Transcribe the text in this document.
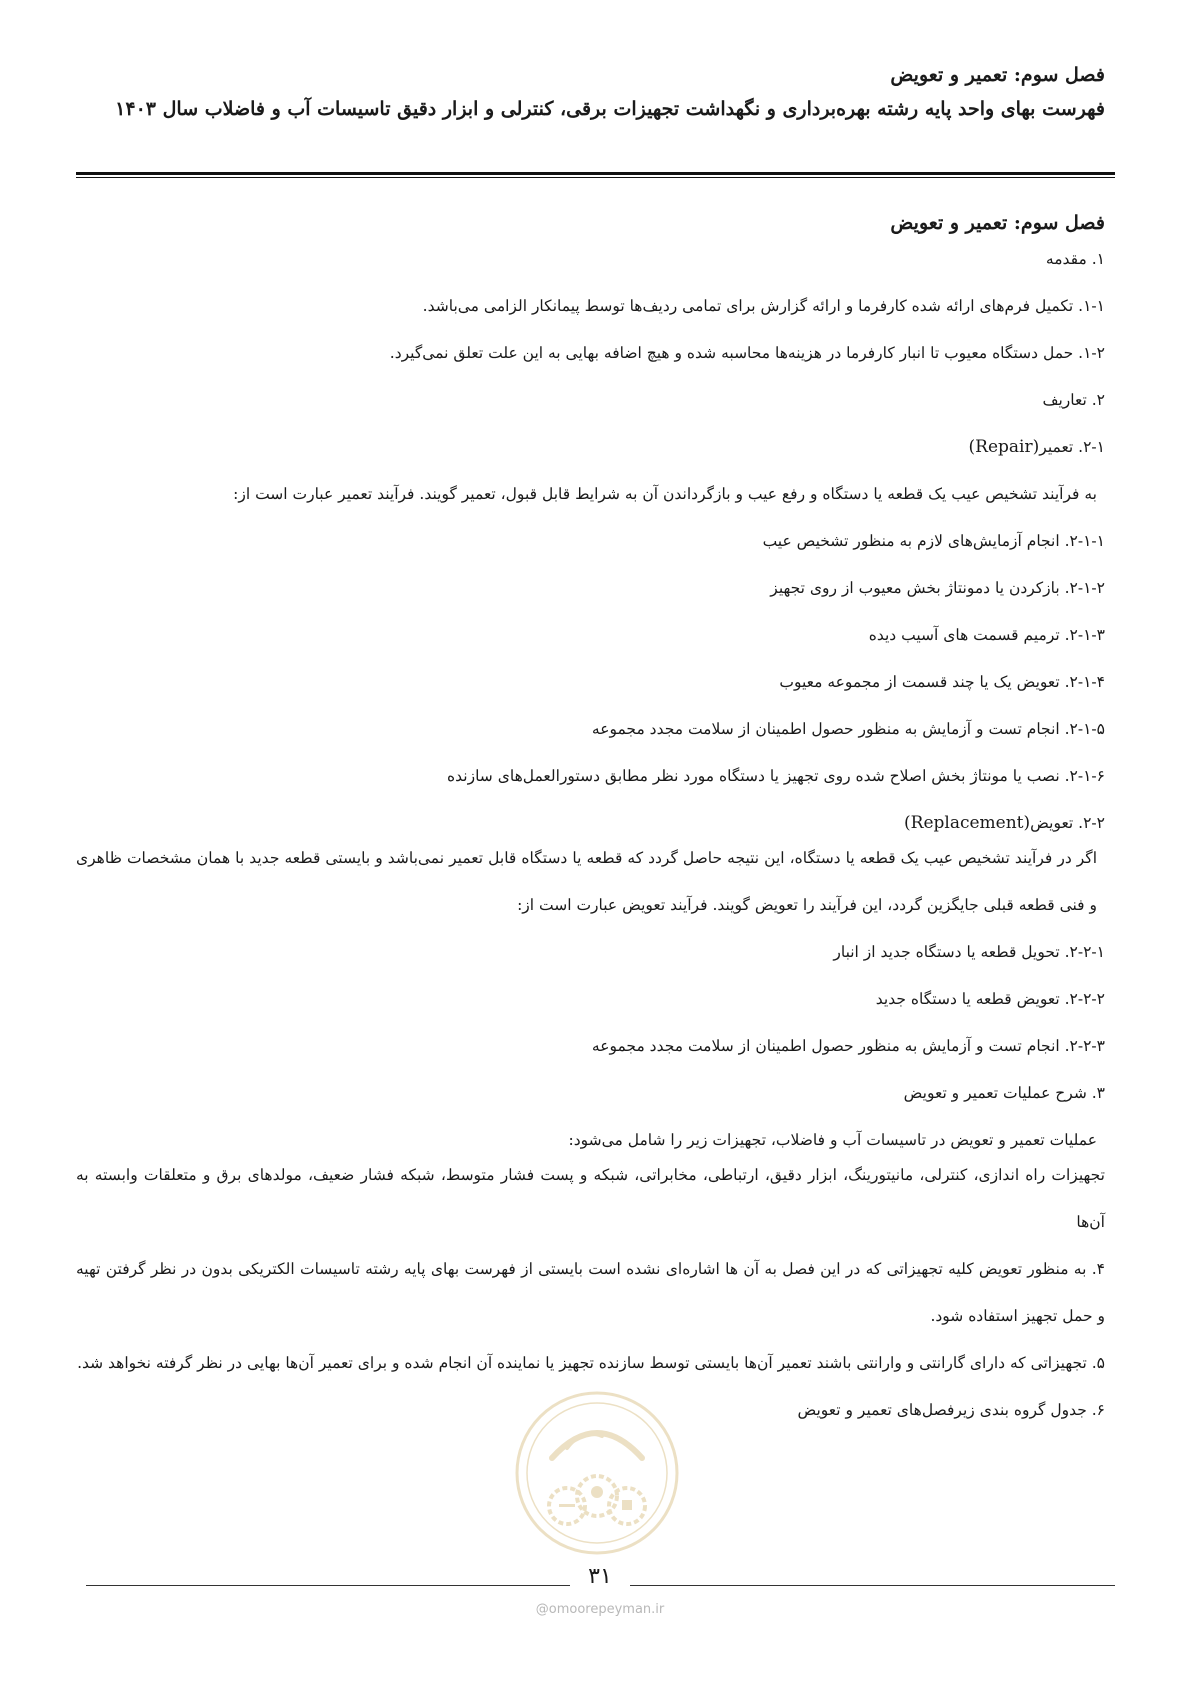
فصل سوم: تعمیر و تعویض
فهرست بهای واحد پایه رشته بهره‌برداری و نگهداشت تجهیزات برقی، کنترلی و ابزار دقیق تاسیسات آب و فاضلاب سال ۱۴۰۳
فصل سوم: تعمیر و تعویض

۱. مقدمه

۱-۱. تکمیل فرم‌های ارائه شده کارفرما و ارائه گزارش برای تمامی ردیف‌ها توسط پیمانکار الزامی می‌باشد.

۱-۲. حمل دستگاه معیوب تا انبار کارفرما در هزینه‌ها محاسبه شده و هیچ اضافه بهایی به این علت تعلق نمی‌گیرد.

۲. تعاریف

۲-۱. تعمیر(Repair)

به فرآیند تشخیص عیب یک قطعه یا دستگاه و رفع عیب و بازگرداندن آن به شرایط قابل قبول، تعمیر گویند. فرآیند تعمیر عبارت است از:

۲-۱-۱. انجام آزمایش‌های لازم به منظور تشخیص عیب

۲-۱-۲. بازکردن یا دمونتاژ بخش معیوب از روی تجهیز

۲-۱-۳. ترمیم قسمت های آسیب دیده

۲-۱-۴. تعویض یک یا چند قسمت از مجموعه معیوب

۲-۱-۵. انجام تست و آزمایش به منظور حصول اطمینان از سلامت مجدد مجموعه

۲-۱-۶. نصب یا مونتاژ بخش اصلاح شده روی تجهیز یا دستگاه مورد نظر مطابق دستورالعمل‌های سازنده

۲-۲. تعویض(Replacement)

اگر در فرآیند تشخیص عیب یک قطعه یا دستگاه، این نتیجه حاصل گردد که قطعه یا دستگاه قابل تعمیر نمی‌باشد و بایستی قطعه جدید با همان مشخصات ظاهری و فنی قطعه قبلی جایگزین گردد، این فرآیند را تعویض گویند. فرآیند تعویض عبارت است از:

۲-۲-۱. تحویل قطعه یا دستگاه جدید از انبار

۲-۲-۲. تعویض قطعه یا دستگاه جدید

۲-۲-۳. انجام تست و آزمایش به منظور حصول اطمینان از سلامت مجدد مجموعه

۳. شرح عملیات تعمیر و تعویض

عملیات تعمیر و تعویض در تاسیسات آب و فاضلاب، تجهیزات زیر را شامل می‌شود:

تجهیزات راه اندازی، کنترلی، مانیتورینگ، ابزار دقیق، ارتباطی، مخابراتی، شبکه و پست فشار متوسط، شبکه فشار ضعیف، مولدهای برق و متعلقات وابسته به آن‌ها

۴. به منظور تعویض کلیه تجهیزاتی که در این فصل به آن ها اشاره‌ای نشده است بایستی از فهرست بهای پایه رشته تاسیسات الکتریکی بدون در نظر گرفتن تهیه و حمل تجهیز استفاده شود.

۵. تجهیزاتی که دارای گارانتی و وارانتی باشند تعمیر آن‌ها بایستی توسط سازنده تجهیز یا نماینده آن انجام شده و برای تعمیر آن‌ها بهایی در نظر گرفته نخواهد شد.

۶. جدول گروه بندی زیرفصل‌های تعمیر و تعویض

۳۱
@omoorepeyman.ir
